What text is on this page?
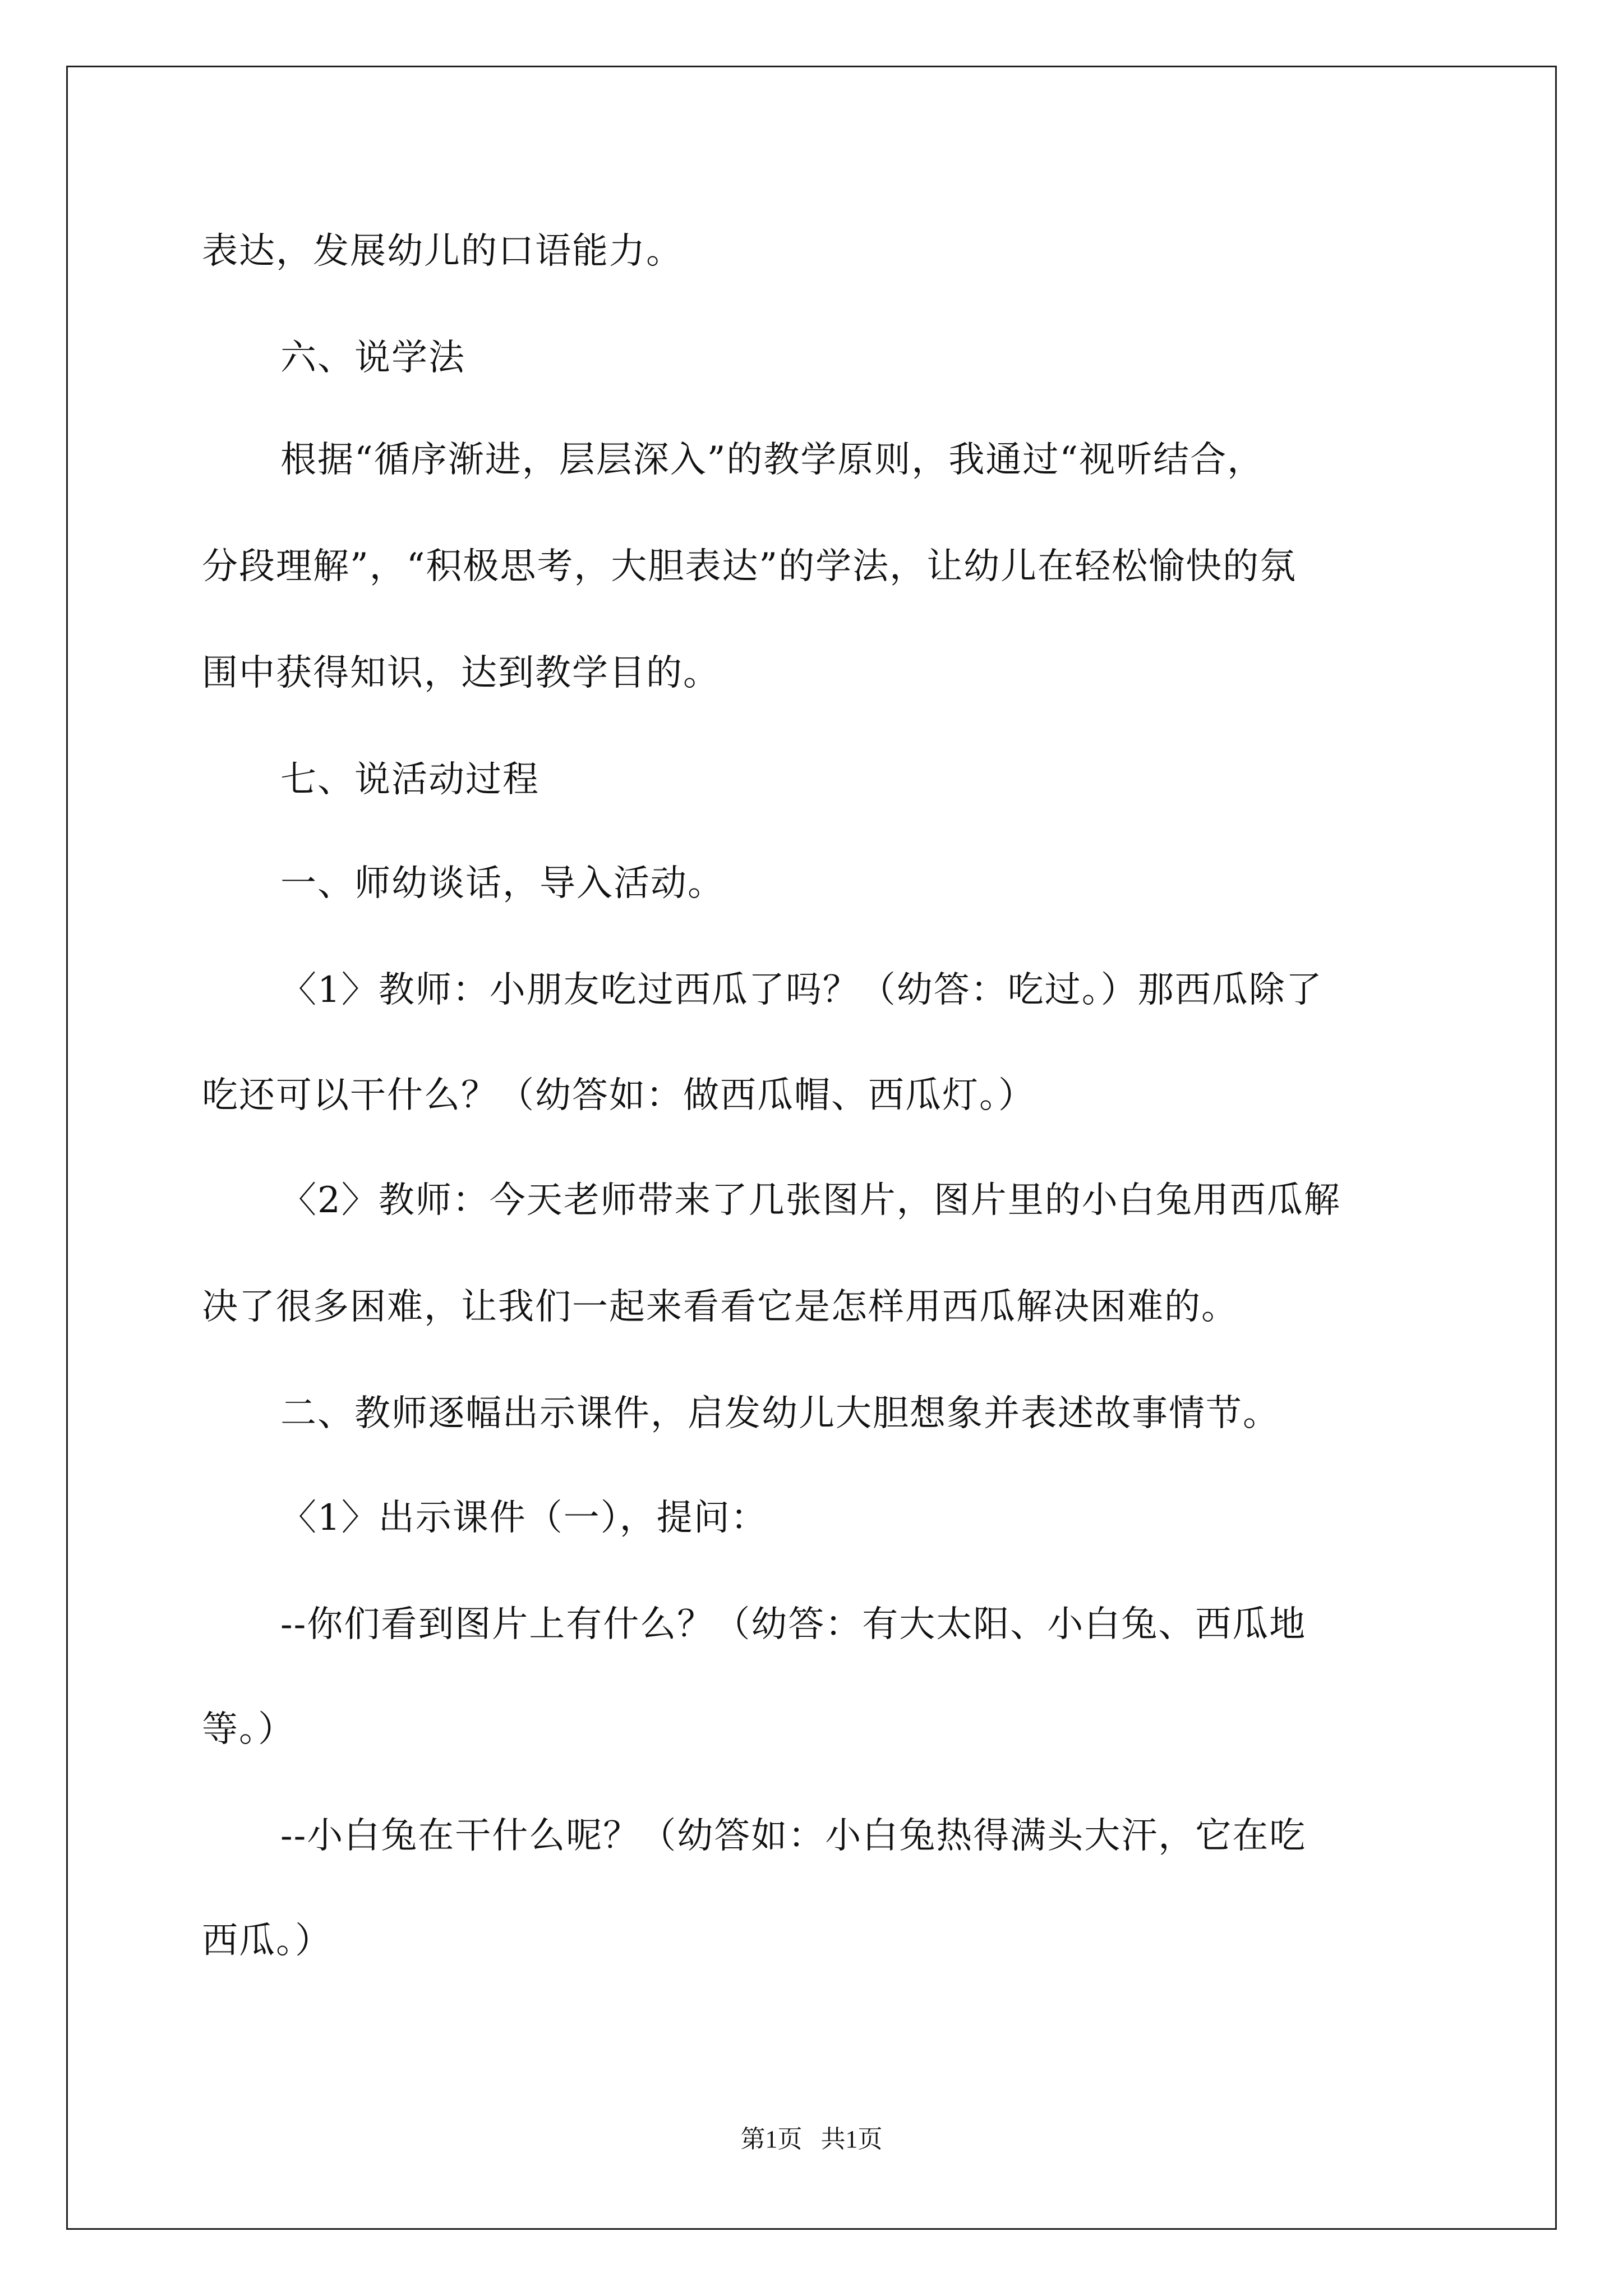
表达，发展幼儿的口语能力。
六、说学法
根据“循序渐进，层层深入”的教学原则，我通过“视听结合，
分段理解”，“积极思考，大胆表达”的学法，让幼儿在轻松愉快的氛
围中获得知识，达到教学目的。
七、说活动过程
一、师幼谈话，导入活动。
〈1〉教师：小朋友吃过西瓜了吗？（幼答：吃过。）那西瓜除了
吃还可以干什么？（幼答如：做西瓜帽、西瓜灯。）
〈2〉教师：今天老师带来了几张图片，图片里的小白兔用西瓜解
决了很多困难，让我们一起来看看它是怎样用西瓜解决困难的。
二、教师逐幅出示课件，启发幼儿大胆想象并表述故事情节。
〈1〉出示课件（一），提问：
--你们看到图片上有什么？（幼答：有大太阳、小白兔、西瓜地
等。）
--小白兔在干什么呢？（幼答如：小白兔热得满头大汗，它在吃
西瓜。）
第1页   共1页
